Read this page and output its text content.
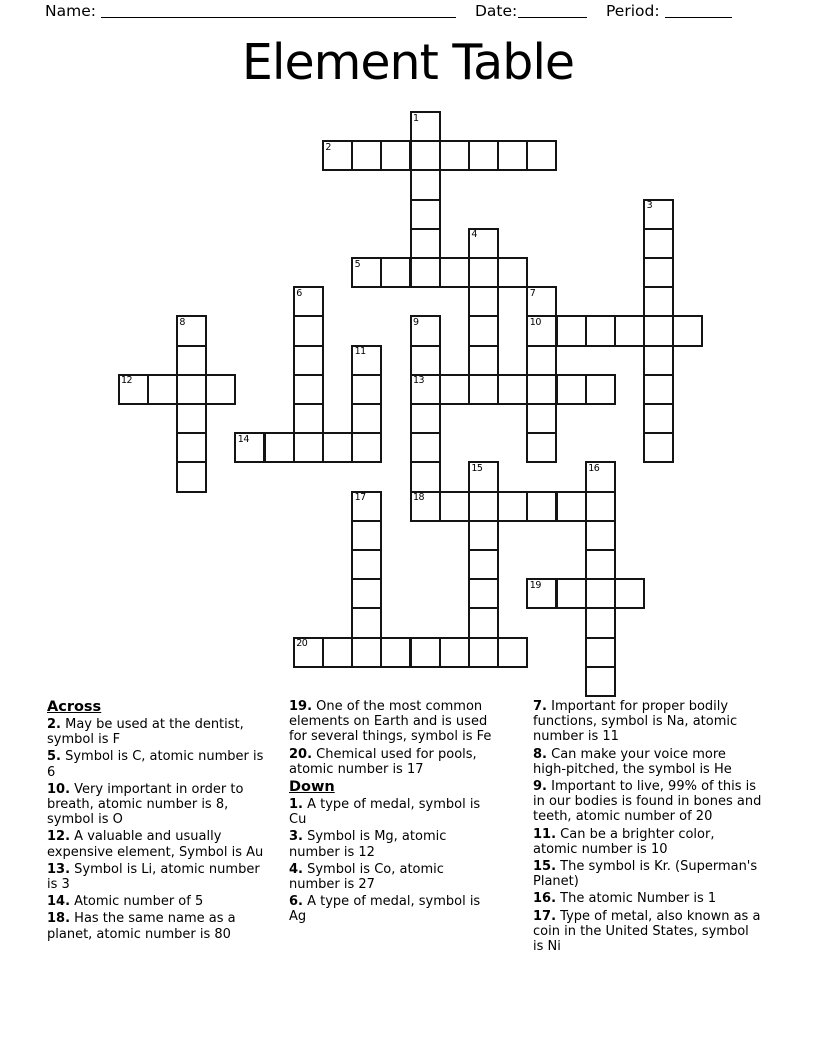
Name:	Date:	Period:
Element Table
1
2
3
4
5
6	7
10
8	9
13
18
11
12
14
15	16
17
19
20

Across

2. May be used at the dentist, symbol is F

5. Symbol is C, atomic number is 6

10. Very important in order to breath, atomic number is 8, symbol is O

12. A valuable and usually expensive element, Symbol is Au

13. Symbol is Li, atomic number is 3

14. Atomic number of 5

18. Has the same name as a planet, atomic number is 80

19. One of the most common elements on Earth and is used for several things, symbol is Fe

20. Chemical used for pools, atomic number is 17

Down

1. A type of medal, symbol is Cu

3. Symbol is Mg, atomic number is 12

4. Symbol is Co, atomic number is 27

6. A type of medal, symbol is Ag

7. Important for proper bodily functions, symbol is Na, atomic number is 11

8. Can make your voice more high-pitched, the symbol is He

9. Important to live, 99% of this is in our bodies is found in bones and teeth, atomic number of 20

11. Can be a brighter color, atomic number is 10

15. The symbol is Kr. (Superman's Planet)

16. The atomic Number is 1

17. Type of metal, also known as a coin in the United States, symbol is Ni
